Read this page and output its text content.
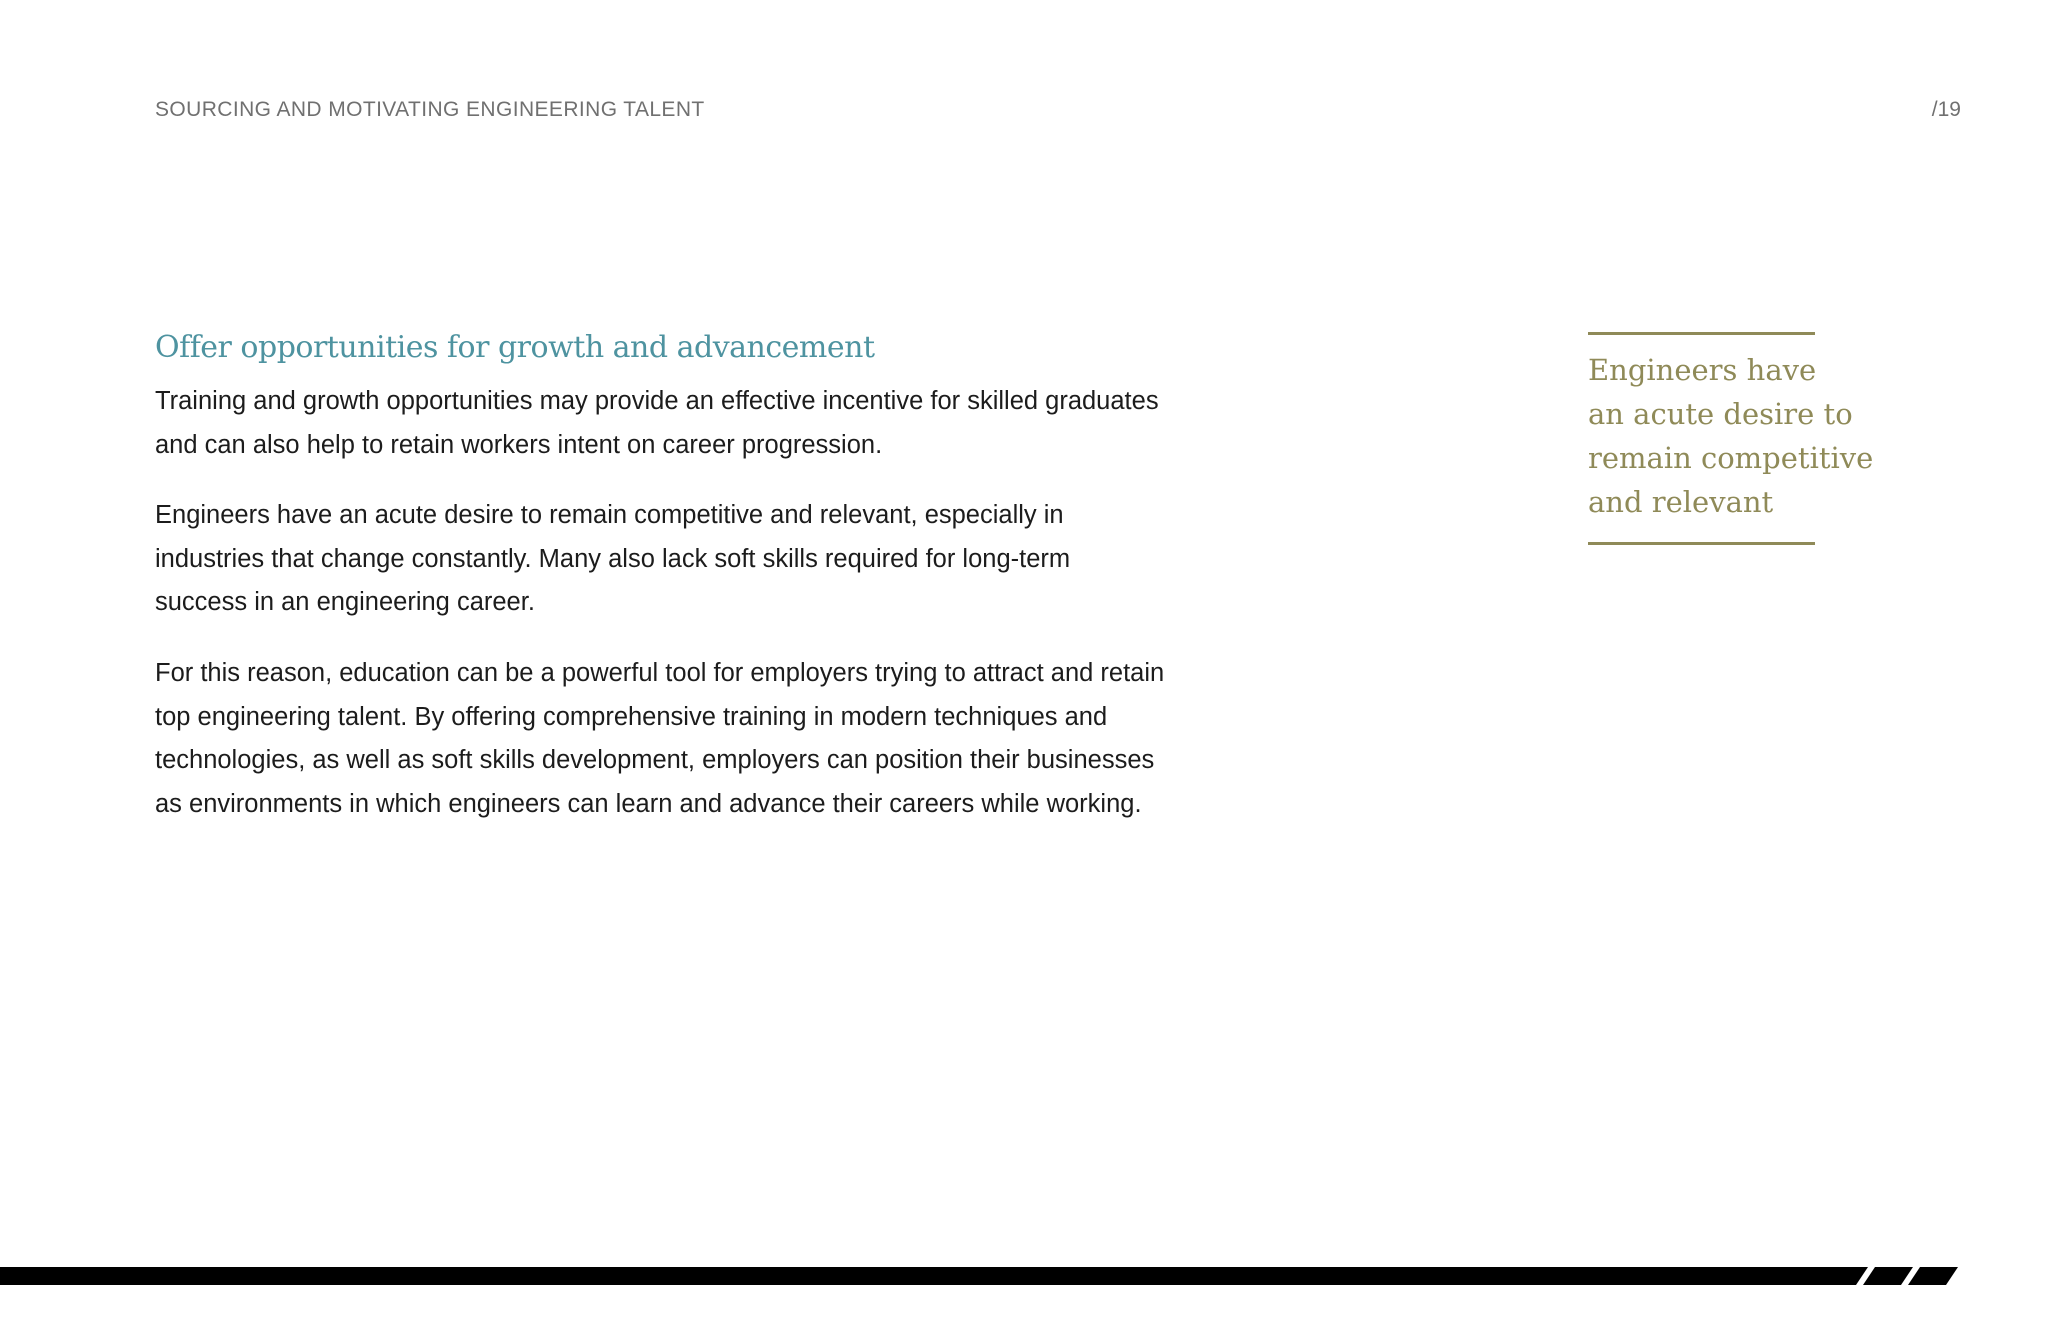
SOURCING AND MOTIVATING ENGINEERING TALENT	/19
Offer opportunities for growth and advancement

Training and growth opportunities may provide an effective incentive for skilled graduates and can also help to retain workers intent on career progression.

Engineers have an acute desire to remain competitive and relevant, especially in industries that change constantly. Many also lack soft skills required for long-term success in an engineering career.

For this reason, education can be a powerful tool for employers trying to attract and retain top engineering talent. By offering comprehensive training in modern techniques and technologies, as well as soft skills development, employers can position their businesses as environments in which engineers can learn and advance their careers while working.

Engineers have
an acute desire to
remain competitive
and relevant
